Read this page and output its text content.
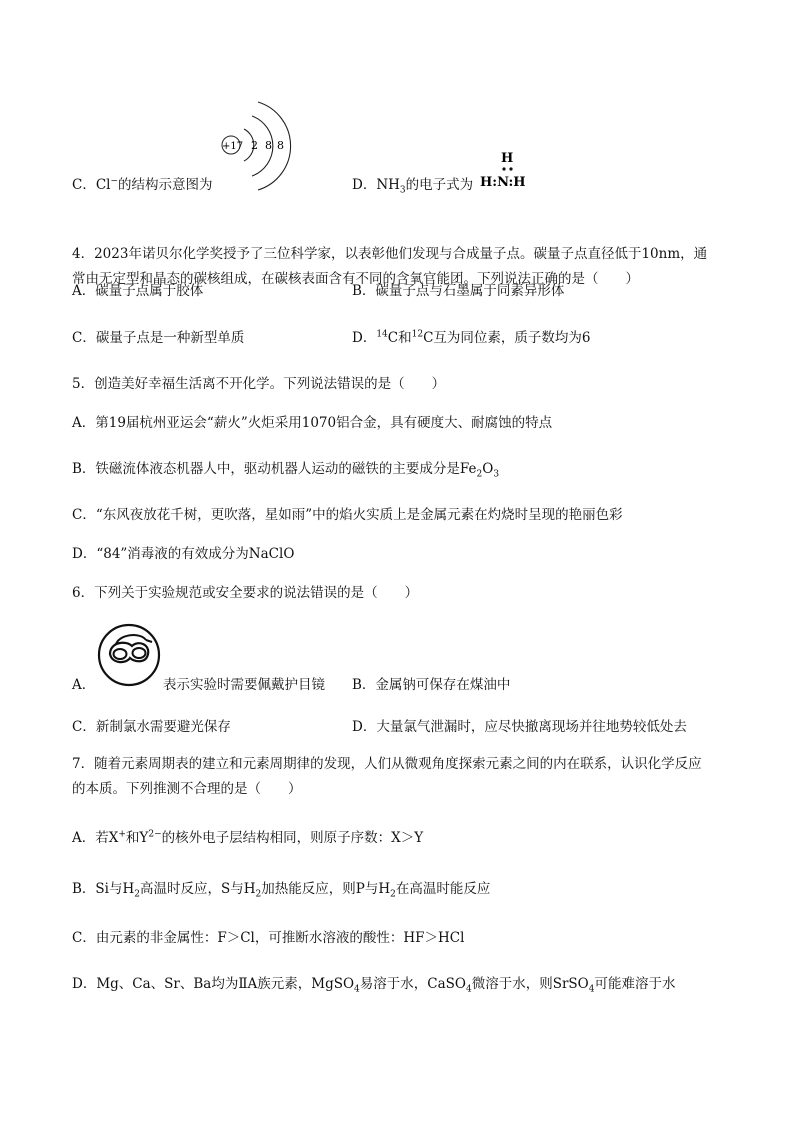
C．Cl−的结构示意图为
+17 2 8 8
D．$NH_3$的电子式为
H
H:N:H
4．2023年诺贝尔化学奖授予了三位科学家，以表彰他们发现与合成量子点。碳量子点直径低于10nm，通
常由无定型和晶态的碳核组成，在碳核表面含有不同的含氧官能团。下列说法正确的是（　　）
A．碳量子点属于胶体	B．碳量子点与石墨属于同素异形体
C．碳量子点是一种新型单质	D．$^{14}$C和$^{12}$C互为同位素，质子数均为6
5．创造美好幸福生活离不开化学。下列说法错误的是（　　）
A．第19届杭州亚运会“薪火”火炬采用1070铝合金，具有硬度大、耐腐蚀的特点
B．铁磁流体液态机器人中，驱动机器人运动的磁铁的主要成分是$Fe_2O_3$
C．“东风夜放花千树，更吹落，星如雨”中的焰火实质上是金属元素在灼烧时呈现的艳丽色彩
D．“84”消毒液的有效成分为NaClO
6．下列关于实验规范或安全要求的说法错误的是（　　）
A．	表示实验时需要佩戴护目镜 B．金属钠可保存在煤油中
C．新制氯水需要避光保存	D．大量氯气泄漏时，应尽快撤离现场并往地势较低处去
7．随着元素周期表的建立和元素周期律的发现，人们从微观角度探索元素之间的内在联系，认识化学反应
的本质。下列推测不合理的是（　　）
A．若X+和$Y^{2-}$的核外电子层结构相同，则原子序数：X＞Y
B．Si与$H_2$高温时反应，S与$H_2$加热能反应，则P与$H_2$在高温时能反应
C．由元素的非金属性：F＞Cl，可推断水溶液的酸性：HF＞HCl
D．Mg、Ca、Sr、Ba均为ⅡA族元素，MgSO$_4$易溶于水，CaSO$_4$微溶于水，则SrSO$_4$可能难溶于水
